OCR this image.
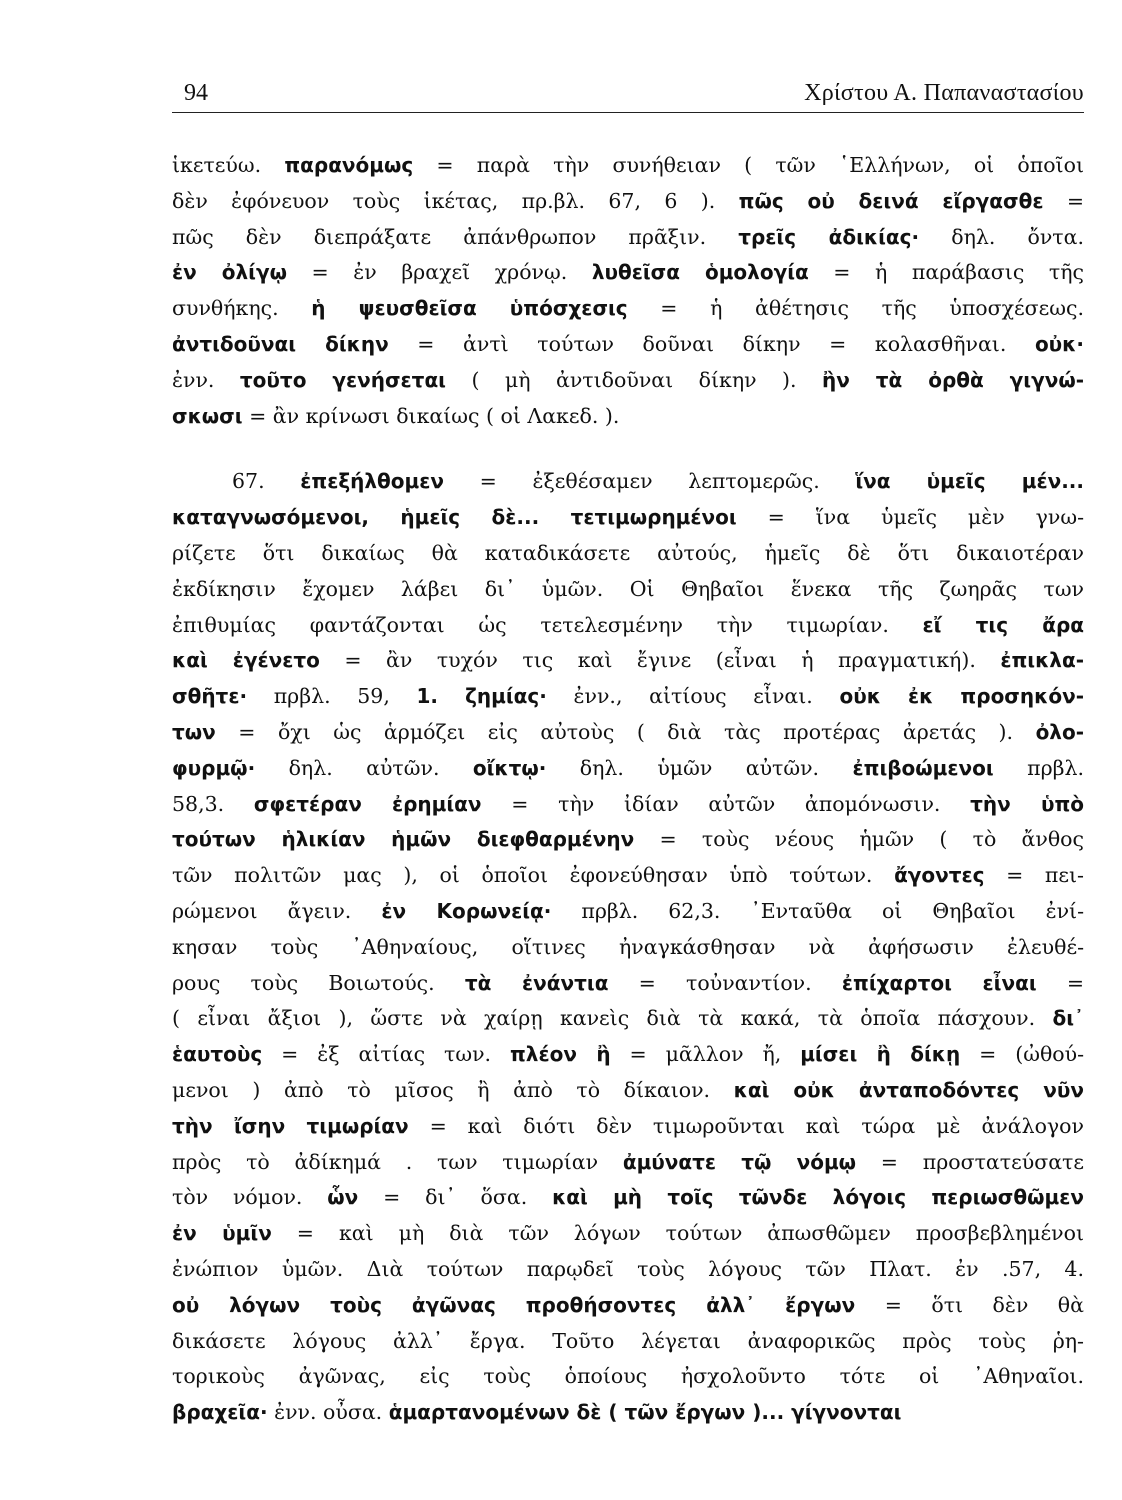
94	Χρίστου Α. Παπαναστασίου
ἱκετεύω. παρανόμως = παρὰ τὴν συνήθειαν ( τῶν ῾Ελλήνων, οἱ ὁποῖοι
δὲν ἐφόνευον τοὺς ἱκέτας, πρ.βλ. 67, 6 ). πῶς οὐ δεινά εἴργασθε =
πῶς δὲν διεπράξατε ἀπάνθρωπον πρᾶξιν. τρεῖς ἀδικίας· δηλ. ὄντα.
ἐν ὀλίγῳ = ἐν βραχεῖ χρόνῳ. λυθεῖσα ὁμολογία = ἡ παράβασις τῆς
συνθήκης. ἡ ψευσθεῖσα ὑπόσχεσις = ἡ ἀθέτησις τῆς ὑποσχέσεως.
ἀντιδοῦναι δίκην = ἀντὶ τούτων δοῦναι δίκην = κολασθῆναι. οὐκ·
ἐνν. τοῦτο γενήσεται ( μὴ ἀντιδοῦναι δίκην ). ἢν τὰ ὀρθὰ γιγνώ-
σκωσι = ἂν κρίνωσι δικαίως ( οἱ Λακεδ. ).
67. ἐπεξήλθομεν = ἐξεθέσαμεν λεπτομερῶς. ἵνα ὑμεῖς μέν...
καταγνωσόμενοι, ἡμεῖς δὲ... τετιμωρημένοι = ἵνα ὑμεῖς μὲν γνω-
ρίζετε ὅτι δικαίως θὰ καταδικάσετε αὐτούς, ἡμεῖς δὲ ὅτι δικαιοτέραν
ἐκδίκησιν ἔχομεν λάβει δι᾿ ὑμῶν. Οἱ Θηβαῖοι ἕνεκα τῆς ζωηρᾶς των
ἐπιθυμίας φαντάζονται ὡς τετελεσμένην τὴν τιμωρίαν. εἴ τις ἄρα
καὶ ἐγένετο = ἂν τυχόν τις καὶ ἔγινε (εἶναι ἡ πραγματική). ἐπικλα-
σθῆτε· πρβλ. 59, 1. ζημίας· ἐνν., αἰτίους εἶναι. οὐκ ἐκ προσηκόν-
των = ὄχι ὡς ἁρμόζει εἰς αὐτοὺς ( διὰ τὰς προτέρας ἀρετάς ). ὀλο-
φυρμῷ· δηλ. αὐτῶν. οἴκτῳ· δηλ. ὑμῶν αὐτῶν. ἐπιβοώμενοι πρβλ.
58,3. σφετέραν ἐρημίαν = τὴν ἰδίαν αὐτῶν ἀπομόνωσιν. τὴν ὑπὸ
τούτων ἡλικίαν ἡμῶν διεφθαρμένην = τοὺς νέους ἡμῶν ( τὸ ἄνθος
τῶν πολιτῶν μας ), οἱ ὁποῖοι ἐφονεύθησαν ὑπὸ τούτων. ἄγοντες = πει-
ρώμενοι ἄγειν. ἐν Κορωνείᾳ· πρβλ. 62,3. ᾿Ενταῦθα οἱ Θηβαῖοι ἐνί-
κησαν τοὺς ᾿Αθηναίους, οἵτινες ἠναγκάσθησαν νὰ ἀφήσωσιν ἐλευθέ-
ρους τοὺς Βοιωτούς. τὰ ἐνάντια = τοὐναντίον. ἐπίχαρτοι εἶναι =
( εἶναι ἄξιοι ), ὥστε νὰ χαίρῃ κανεὶς διὰ τὰ κακά, τὰ ὁποῖα πάσχουν. δι᾿
ἑαυτοὺς = ἐξ αἰτίας των. πλέον ἢ = μᾶλλον ἤ, μίσει ἢ δίκῃ = (ὠθού-
μενοι ) ἀπὸ τὸ μῖσος ἢ ἀπὸ τὸ δίκαιον. καὶ οὐκ ἀνταποδόντες νῦν
τὴν ἴσην τιμωρίαν = καὶ διότι δὲν τιμωροῦνται καὶ τώρα μὲ ἀνάλογον
πρὸς τὸ ἀδίκημά . των τιμωρίαν ἀμύνατε τῷ νόμῳ = προστατεύσατε
τὸν νόμον. ὧν = δι᾿ ὅσα. καὶ μὴ τοῖς τῶνδε λόγοις περιωσθῶμεν
ἐν ὑμῖν = καὶ μὴ διὰ τῶν λόγων τούτων ἀπωσθῶμεν προσβεβλημένοι
ἐνώπιον ὑμῶν. Διὰ τούτων παρῳδεῖ τοὺς λόγους τῶν Πλατ. ἐν .57, 4.
οὐ λόγων τοὺς ἀγῶνας προθήσοντες ἀλλ᾿ ἔργων = ὅτι δὲν θὰ
δικάσετε λόγους ἀλλ᾿ ἔργα. Τοῦτο λέγεται ἀναφορικῶς πρὸς τοὺς ῥη-
τορικοὺς ἀγῶνας, εἰς τοὺς ὁποίους ἠσχολοῦντο τότε οἱ ᾿Αθηναῖοι.
βραχεῖα· ἐνν. οὖσα. ἁμαρτανομένων δὲ ( τῶν ἔργων )... γίγνονται
